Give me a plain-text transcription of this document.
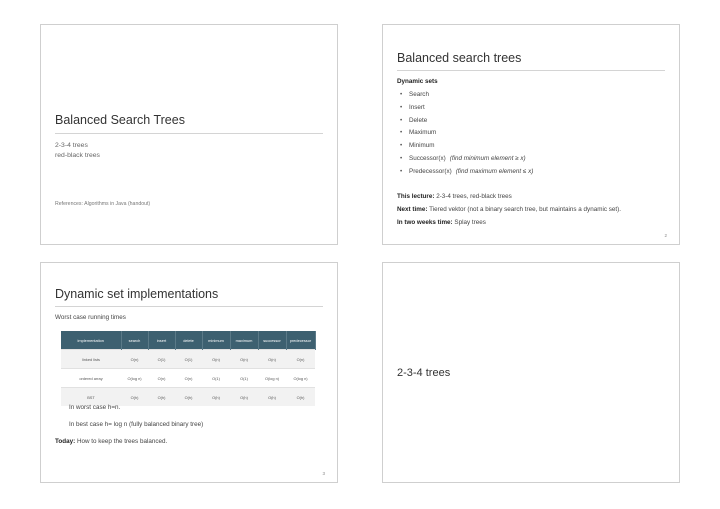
Balanced Search Trees
2-3-4 trees
red-black trees
References: Algorithms in Java (handout)
Balanced search trees
Dynamic sets
• Search
• Insert
• Delete
• Maximum
• Minimum
• Successor(x) (find minimum element ≥ x)
• Predecessor(x) (find maximum element ≤ x)
This lecture: 2-3-4 trees, red-black trees
Next time: Tiered vektor (not a binary search tree, but maintains a dynamic set).
In two weeks time: Splay trees
2
Dynamic set implementations
Worst case running times
implementation	search	insert	delete	minimum	maximum	successor	predecessor
linked lists	O(n)	O(1)	O(1)	O(n)	O(n)	O(n)	O(n)
ordered array	O(log n)	O(n)	O(n)	O(1)	O(1)	O(log n)	O(log n)
BST	O(h)	O(h)	O(h)	O(h)	O(h)	O(h)	O(h)
In worst case h=n.
In best case h= log n (fully balanced binary tree)
Today: How to keep the trees balanced.
3
2-3-4 trees
